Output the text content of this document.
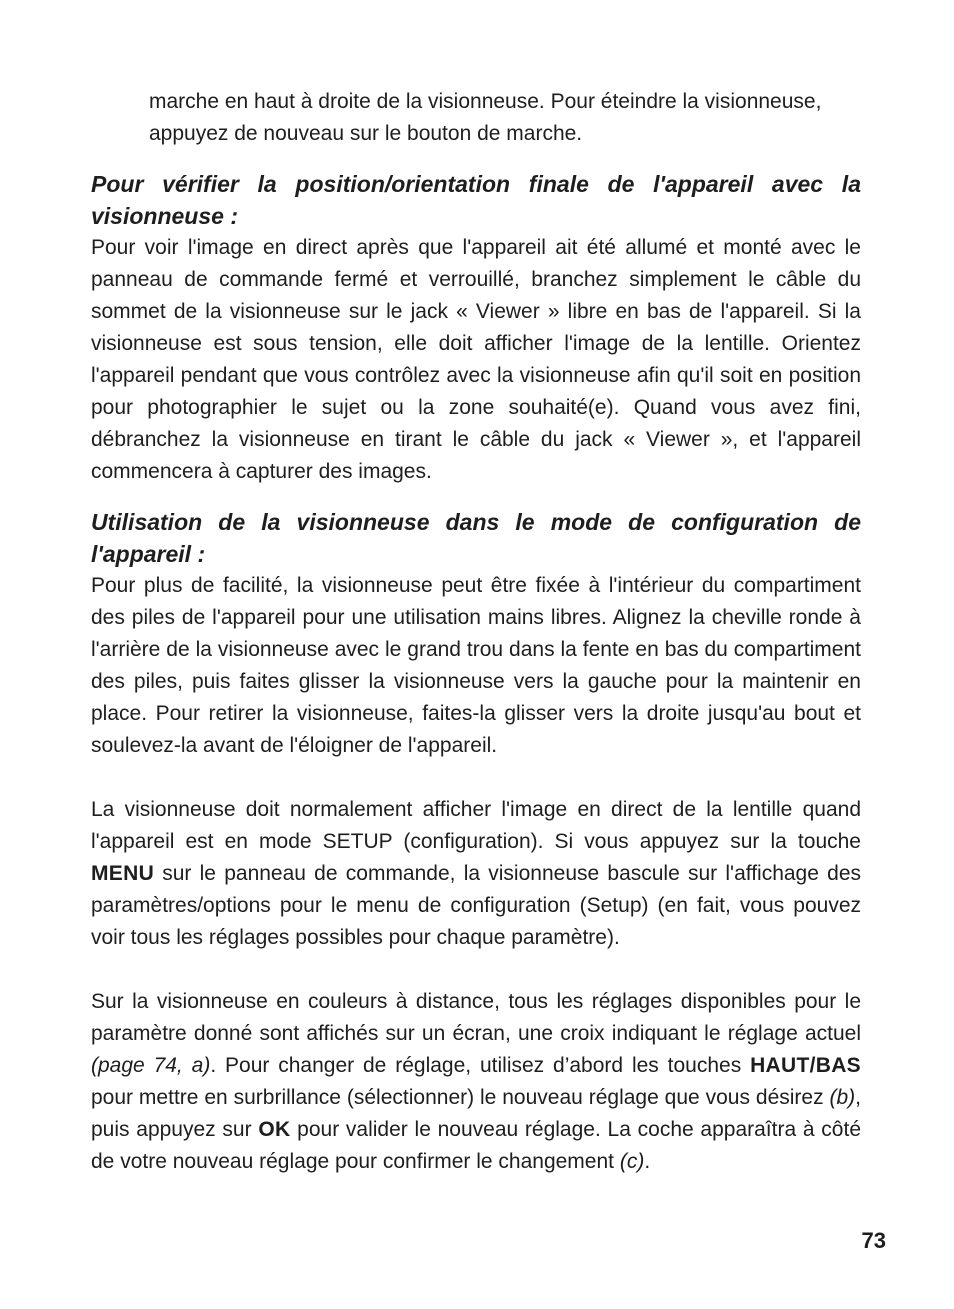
marche en haut à droite de la visionneuse. Pour éteindre la visionneuse, appuyez de nouveau sur le bouton de marche.

Pour vérifier la position/orientation finale de l'appareil avec la visionneuse :

Pour voir l'image en direct après que l'appareil ait été allumé et monté avec le panneau de commande fermé et verrouillé, branchez simplement le câble du sommet de la visionneuse sur le jack « Viewer » libre en bas de l'appareil. Si la visionneuse est sous tension, elle doit afficher l'image de la lentille. Orientez l'appareil pendant que vous contrôlez avec la visionneuse afin qu'il soit en position pour photographier le sujet ou la zone souhaité(e). Quand vous avez fini, débranchez la visionneuse en tirant le câble du jack « Viewer », et l'appareil commencera à capturer des images.

Utilisation de la visionneuse dans le mode de configuration de l'appareil :

Pour plus de facilité, la visionneuse peut être fixée à l'intérieur du compartiment des piles de l'appareil pour une utilisation mains libres. Alignez la cheville ronde à l'arrière de la visionneuse avec le grand trou dans la fente en bas du compartiment des piles, puis faites glisser la visionneuse vers la gauche pour la maintenir en place. Pour retirer la visionneuse, faites-la glisser vers la droite jusqu'au bout et soulevez-la avant de l'éloigner de l'appareil.

La visionneuse doit normalement afficher l'image en direct de la lentille quand l'appareil est en mode SETUP (configuration). Si vous appuyez sur la touche MENU sur le panneau de commande, la visionneuse bascule sur l'affichage des paramètres/options pour le menu de configuration (Setup) (en fait, vous pouvez voir tous les réglages possibles pour chaque paramètre).

Sur la visionneuse en couleurs à distance, tous les réglages disponibles pour le paramètre donné sont affichés sur un écran, une croix indiquant le réglage actuel (page 74, a). Pour changer de réglage, utilisez d’abord les touches HAUT/BAS pour mettre en surbrillance (sélectionner) le nouveau réglage que vous désirez (b), puis appuyez sur OK pour valider le nouveau réglage. La coche apparaîtra à côté de votre nouveau réglage pour confirmer le changement (c).

73
